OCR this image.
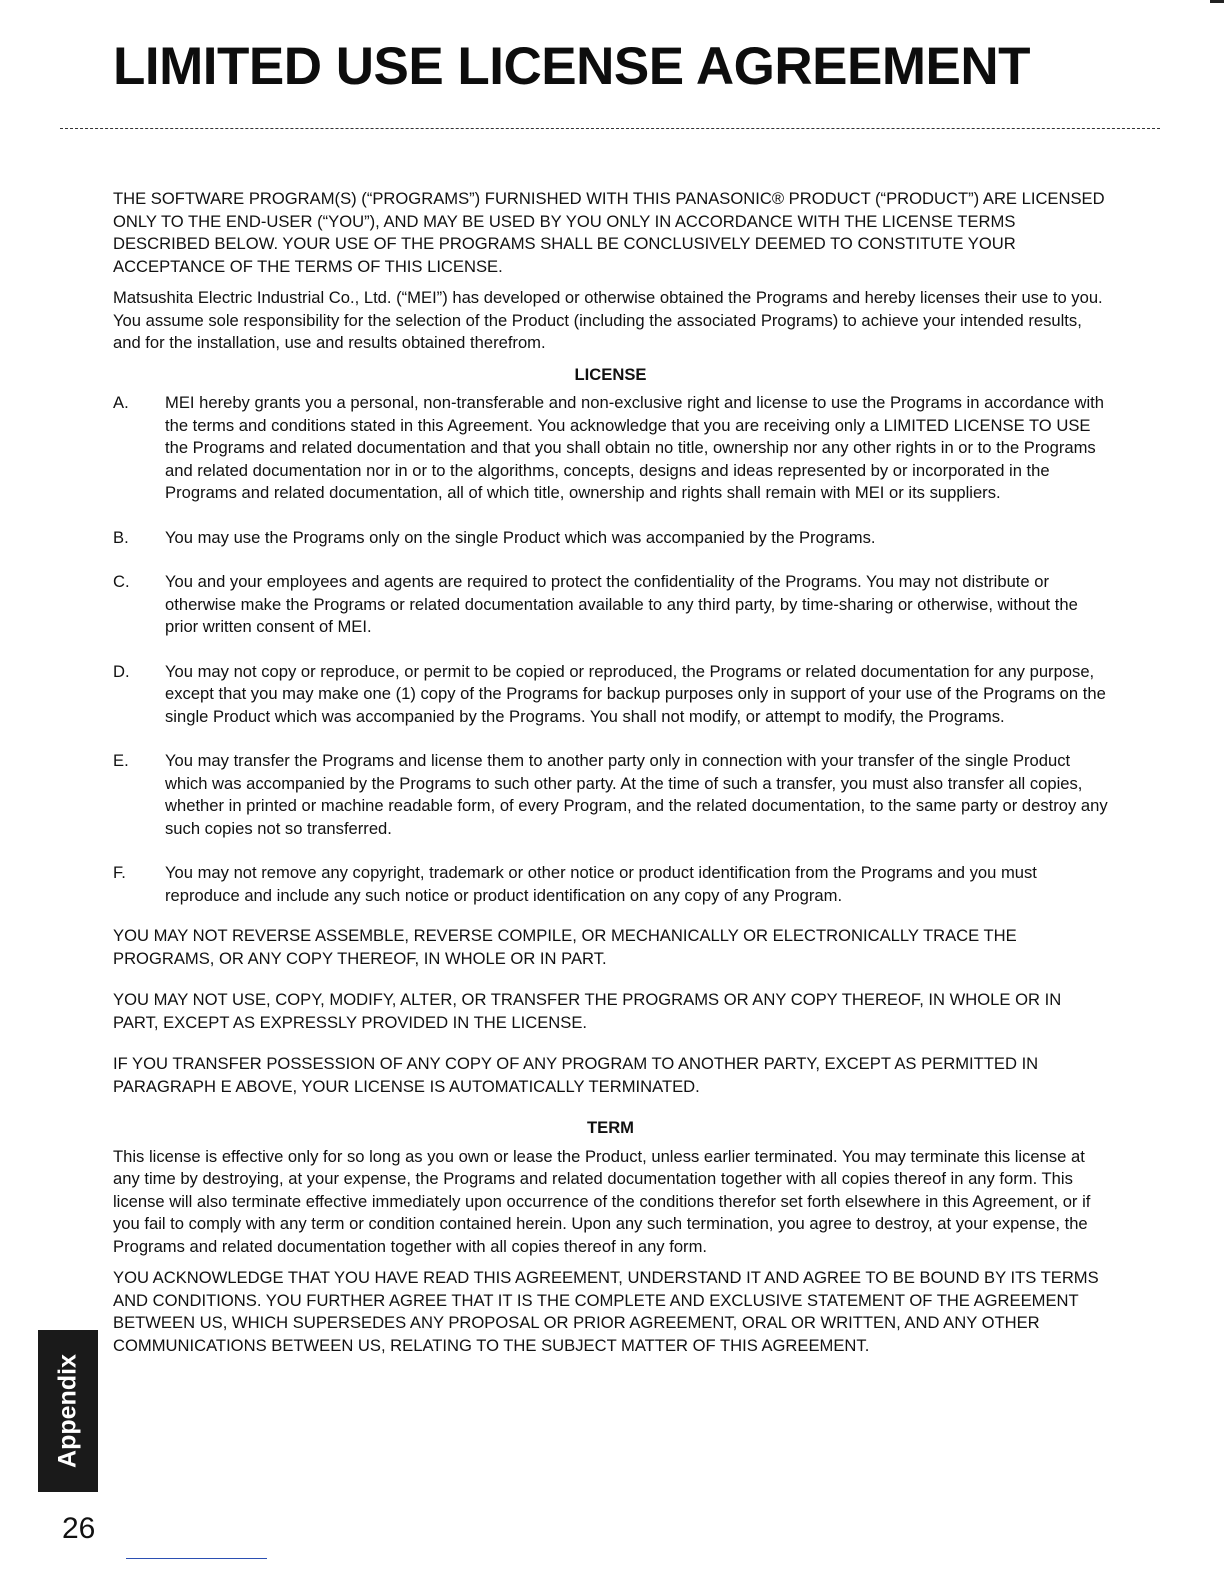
LIMITED USE LICENSE AGREEMENT

THE SOFTWARE PROGRAM(S) (“PROGRAMS”) FURNISHED WITH THIS PANASONIC® PRODUCT (“PRODUCT”) ARE LICENSED ONLY TO THE END-USER (“YOU”), AND MAY BE USED BY YOU ONLY IN ACCORDANCE WITH THE LICENSE TERMS DESCRIBED BELOW. YOUR USE OF THE PROGRAMS SHALL BE CONCLUSIVELY DEEMED TO CONSTITUTE YOUR ACCEPTANCE OF THE TERMS OF THIS LICENSE.

Matsushita Electric Industrial Co., Ltd. (“MEI”) has developed or otherwise obtained the Programs and hereby licenses their use to you. You assume sole responsibility for the selection of the Product (including the associated Programs) to achieve your intended results, and for the installation, use and results obtained therefrom.

LICENSE
A.	MEI hereby grants you a personal, non-transferable and non-exclusive right and license to use the Programs in accordance with the terms and conditions stated in this Agreement. You acknowledge that you are receiving only a LIMITED LICENSE TO USE the Programs and related documentation and that you shall obtain no title, ownership nor any other rights in or to the Programs and related documentation nor in or to the algorithms, concepts, designs and ideas represented by or incorporated in the Programs and related documentation, all of which title, ownership and rights shall remain with MEI or its suppliers.
B.	You may use the Programs only on the single Product which was accompanied by the Programs.
C.	You and your employees and agents are required to protect the confidentiality of the Programs. You may not distribute or otherwise make the Programs or related documentation available to any third party, by time-sharing or otherwise, without the prior written consent of MEI.
D.	You may not copy or reproduce, or permit to be copied or reproduced, the Programs or related documentation for any purpose, except that you may make one (1) copy of the Programs for backup purposes only in support of your use of the Programs on the single Product which was accompanied by the Programs. You shall not modify, or attempt to modify, the Programs.
E.	You may transfer the Programs and license them to another party only in connection with your transfer of the single Product which was accompanied by the Programs to such other party. At the time of such a transfer, you must also transfer all copies, whether in printed or machine readable form, of every Program, and the related documentation, to the same party or destroy any such copies not so transferred.
F.	You may not remove any copyright, trademark or other notice or product identification from the Programs and you must reproduce and include any such notice or product identification on any copy of any Program.

YOU MAY NOT REVERSE ASSEMBLE, REVERSE COMPILE, OR MECHANICALLY OR ELECTRONICALLY TRACE THE PROGRAMS, OR ANY COPY THEREOF, IN WHOLE OR IN PART.

YOU MAY NOT USE, COPY, MODIFY, ALTER, OR TRANSFER THE PROGRAMS OR ANY COPY THEREOF, IN WHOLE OR IN PART, EXCEPT AS EXPRESSLY PROVIDED IN THE LICENSE.

IF YOU TRANSFER POSSESSION OF ANY COPY OF ANY PROGRAM TO ANOTHER PARTY, EXCEPT AS PERMITTED IN PARAGRAPH E ABOVE, YOUR LICENSE IS AUTOMATICALLY TERMINATED.

TERM

This license is effective only for so long as you own or lease the Product, unless earlier terminated. You may terminate this license at any time by destroying, at your expense, the Programs and related documentation together with all copies thereof in any form. This license will also terminate effective immediately upon occurrence of the conditions therefor set forth elsewhere in this Agreement, or if you fail to comply with any term or condition contained herein. Upon any such termination, you agree to destroy, at your expense, the Programs and related documentation together with all copies thereof in any form.

YOU ACKNOWLEDGE THAT YOU HAVE READ THIS AGREEMENT, UNDERSTAND IT AND AGREE TO BE BOUND BY ITS TERMS AND CONDITIONS. YOU FURTHER AGREE THAT IT IS THE COMPLETE AND EXCLUSIVE STATEMENT OF THE AGREEMENT BETWEEN US, WHICH SUPERSEDES ANY PROPOSAL OR PRIOR AGREEMENT, ORAL OR WRITTEN, AND ANY OTHER COMMUNICATIONS BETWEEN US, RELATING TO THE SUBJECT MATTER OF THIS AGREEMENT.

Appendix
26
